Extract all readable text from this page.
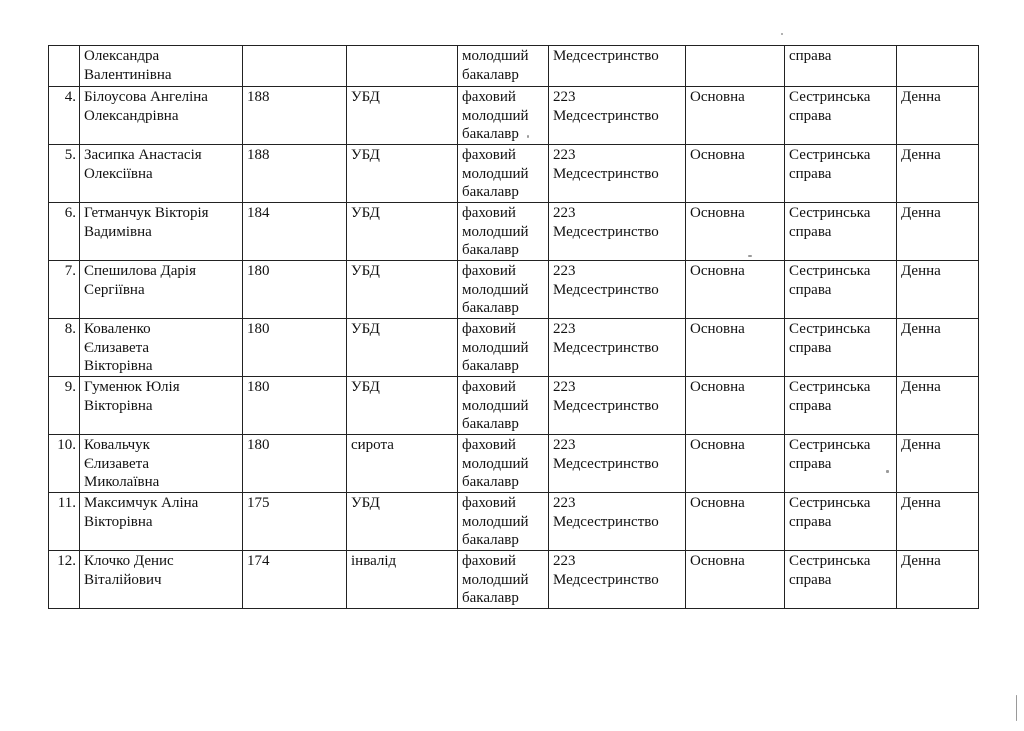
	Олександра
Валентинівна			молодший
бакалавр	Медсестринство		справа	

4.	Білоусова Ангеліна
Олександрівна	188	УБД	фаховий
молодший
бакалавр	223
Медсестринство	Основна	Сестринська
справа	Денна
5.	Засипка Анастасія
Олексіївна	188	УБД	фаховий
молодший
бакалавр	223
Медсестринство	Основна	Сестринська
справа	Денна
6.	Гетманчук Вікторія
Вадимівна	184	УБД	фаховий
молодший
бакалавр	223
Медсестринство	Основна	Сестринська
справа	Денна
7.	Спешилова Дарія
Сергіївна	180	УБД	фаховий
молодший
бакалавр	223
Медсестринство	Основна	Сестринська
справа	Денна
8.	Коваленко
Єлизавета
Вікторівна	180	УБД	фаховий
молодший
бакалавр	223
Медсестринство	Основна	Сестринська
справа	Денна
9.	Гуменюк Юлія
Вікторівна	180	УБД	фаховий
молодший
бакалавр	223
Медсестринство	Основна	Сестринська
справа	Денна
10.	Ковальчук
Єлизавета
Миколаївна	180	сирота	фаховий
молодший
бакалавр	223
Медсестринство	Основна	Сестринська
справа	Денна
11.	Максимчук Аліна
Вікторівна	175	УБД	фаховий
молодший
бакалавр	223
Медсестринство	Основна	Сестринська
справа	Денна
12.	Клочко Денис
Віталійович	174	інвалід	фаховий
молодший
бакалавр	223
Медсестринство	Основна	Сестринська
справа	Денна
